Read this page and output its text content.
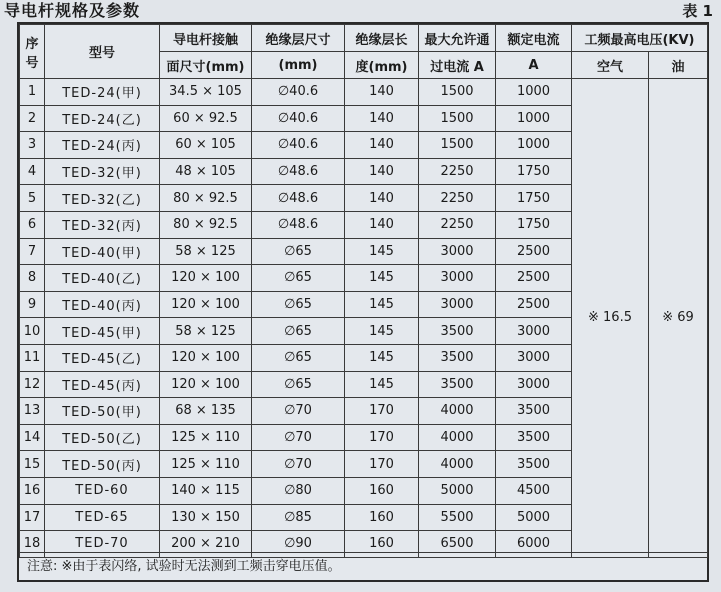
导电杆规格及参数	表 1
序
号	型号	导电杆接触	绝缘层尺寸	绝缘层长	最大允许通	额定电流	工频最高电压(KV)	
		面尺寸(mm)	(mm)	度(mm)	过电流 A	A	空气	油
1	TED-24(甲)	34.5 × 105	∅40.6	140	1500	1000	※ 16.5	※ 69
2	TED-24(乙)	60 × 92.5	∅40.6	140	1500	1000		
3	TED-24(丙)	60 × 105	∅40.6	140	1500	1000		
4	TED-32(甲)	48 × 105	∅48.6	140	2250	1750		
5	TED-32(乙)	80 × 92.5	∅48.6	140	2250	1750		
6	TED-32(丙)	80 × 92.5	∅48.6	140	2250	1750		
7	TED-40(甲)	58 × 125	∅65	145	3000	2500		
8	TED-40(乙)	120 × 100	∅65	145	3000	2500		
9	TED-40(丙)	120 × 100	∅65	145	3000	2500		
10	TED-45(甲)	58 × 125	∅65	145	3500	3000		
11	TED-45(乙)	120 × 100	∅65	145	3500	3000		
12	TED-45(丙)	120 × 100	∅65	145	3500	3000		
13	TED-50(甲)	68 × 135	∅70	170	4000	3500		
14	TED-50(乙)	125 × 110	∅70	170	4000	3500		
15	TED-50(丙)	125 × 110	∅70	170	4000	3500		
16	TED-60	140 × 115	∅80	160	5000	4500		
17	TED-65	130 × 150	∅85	160	5500	5000		
18	TED-70	200 × 210	∅90	160	6500	6000		
注意: ※由于表闪络, 试验时无法测到工频击穿电压值。
